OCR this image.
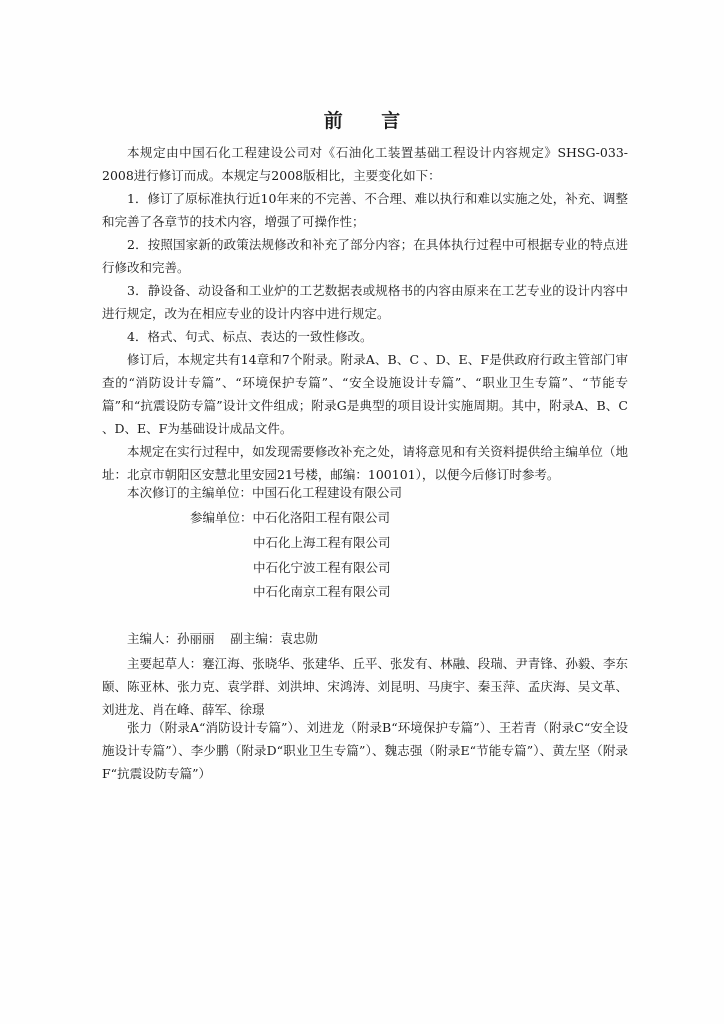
前 言

本规定由中国石化工程建设公司对《石油化工装置基础工程设计内容规定》SHSG-033-2008进行修订而成。本规定与2008版相比，主要变化如下：

1．修订了原标准执行近10年来的不完善、不合理、难以执行和难以实施之处，补充、调整和完善了各章节的技术内容，增强了可操作性；

2．按照国家新的政策法规修改和补充了部分内容；在具体执行过程中可根据专业的特点进行修改和完善。

3．静设备、动设备和工业炉的工艺数据表或规格书的内容由原来在工艺专业的设计内容中进行规定，改为在相应专业的设计内容中进行规定。

4．格式、句式、标点、表达的一致性修改。

修订后，本规定共有14章和7个附录。附录A、B、C 、D、E、F是供政府行政主管部门审查的“消防设计专篇”、“环境保护专篇”、“安全设施设计专篇”、“职业卫生专篇”、“节能专篇”和“抗震设防专篇”设计文件组成；附录G是典型的项目设计实施周期。其中，附录A、B、C 、D、E、F为基础设计成品文件。

本规定在实行过程中，如发现需要修改补充之处，请将意见和有关资料提供给主编单位（地址：北京市朝阳区安慧北里安园21号楼，邮编：100101），以便今后修订时参考。

本次修订的主编单位：中国石化工程建设有限公司
参编单位：中石化洛阳工程有限公司
中石化上海工程有限公司
中石化宁波工程有限公司
中石化南京工程有限公司
主编人：孙丽丽    副主编：袁忠勋

主要起草人：蹇江海、张晓华、张建华、丘平、张发有、林融、段瑞、尹青锋、孙毅、李东颐、陈亚林、张力克、袁学群、刘洪坤、宋鸿涛、刘昆明、马庚宇、秦玉萍、孟庆海、吴文革、刘进龙、肖在峰、薛军、徐璟

张力（附录A“消防设计专篇”）、刘进龙（附录B“环境保护专篇”）、王若青（附录C“安全设施设计专篇”）、李少鹏（附录D“职业卫生专篇”）、魏志强（附录E“节能专篇”）、黄左坚（附录F“抗震设防专篇”）
